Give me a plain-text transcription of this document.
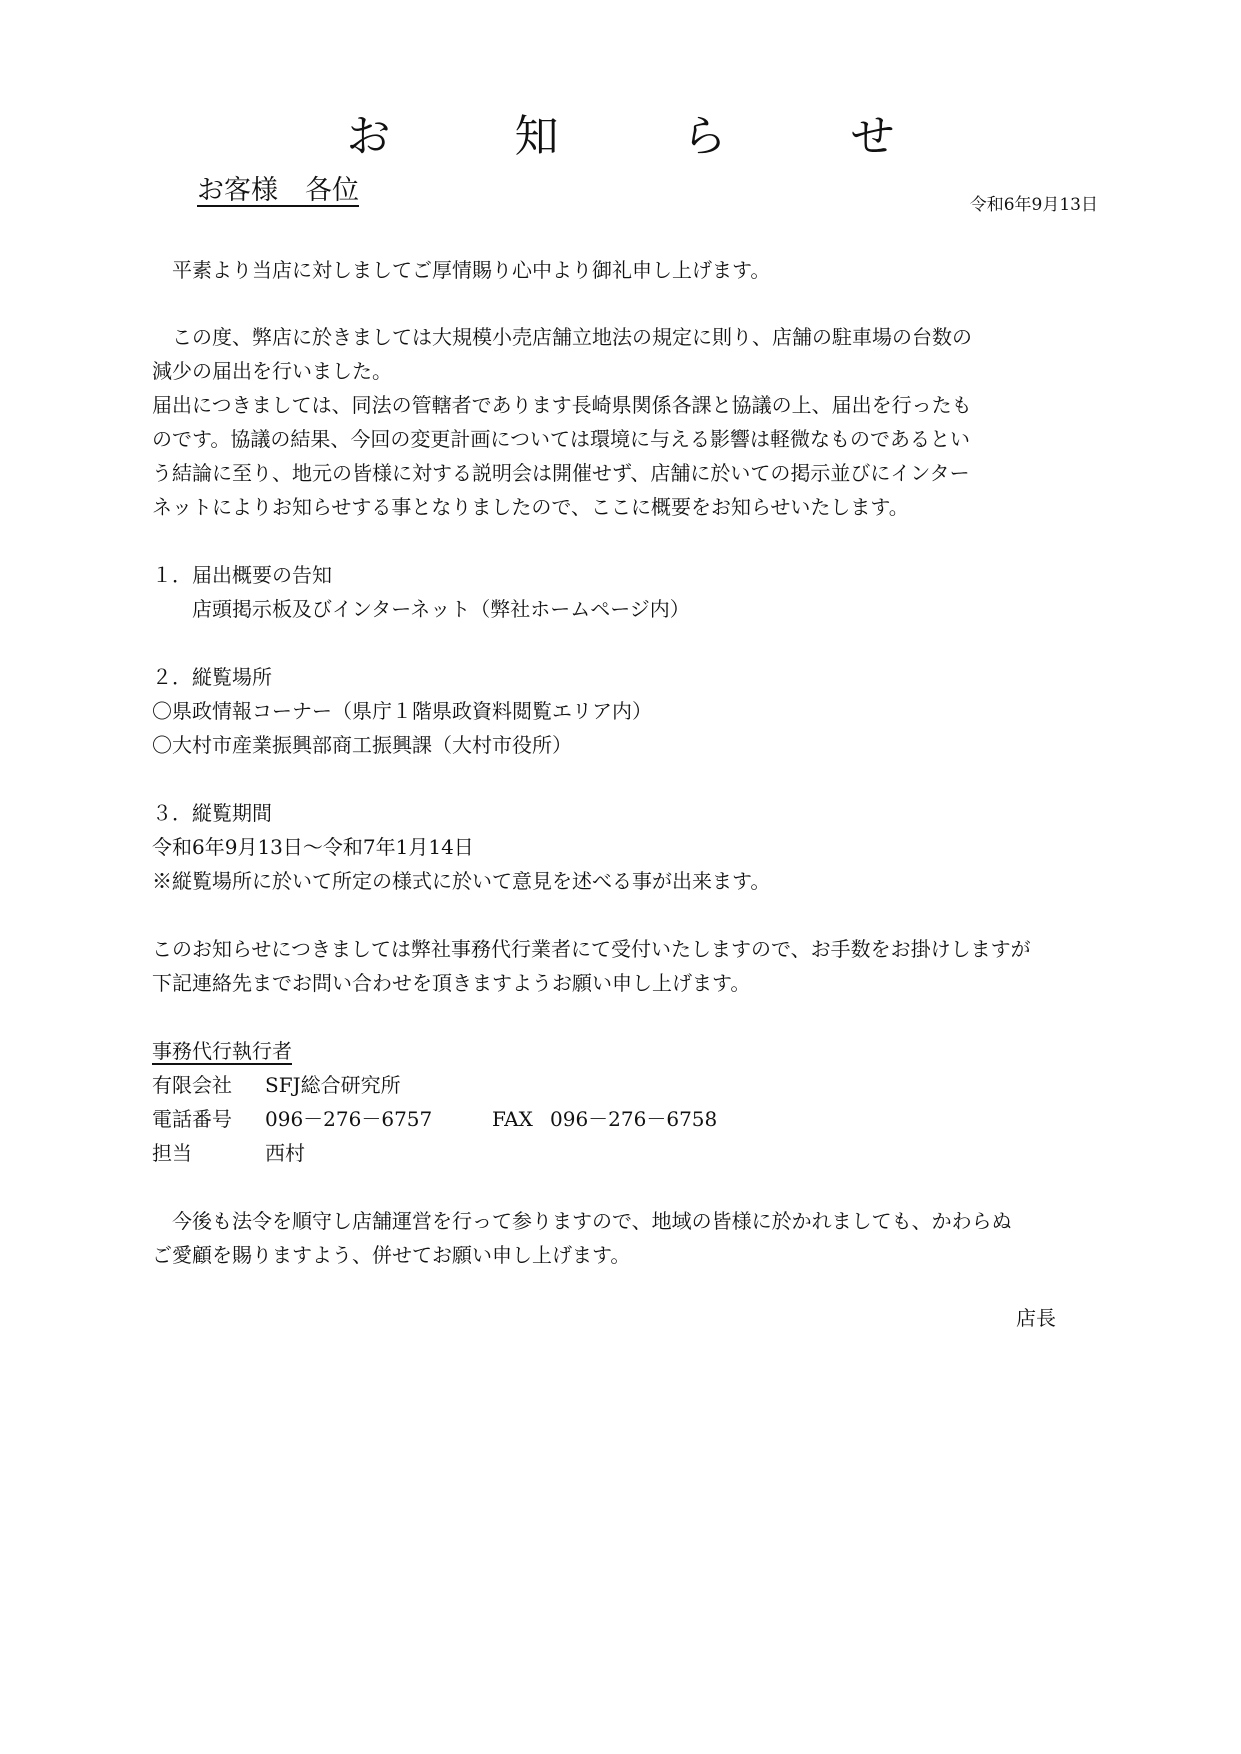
お　知　ら　せ
お客様　各位	令和6年9月13日
　平素より当店に対しましてご厚情賜り心中より御礼申し上げます。
　この度、弊店に於きましては大規模小売店舗立地法の規定に則り、店舗の駐車場の台数の
減少の届出を行いました。
届出につきましては、同法の管轄者であります長崎県関係各課と協議の上、届出を行ったも
のです。協議の結果、今回の変更計画については環境に与える影響は軽微なものであるとい
う結論に至り、地元の皆様に対する説明会は開催せず、店舗に於いての掲示並びにインター
ネットによりお知らせする事となりましたので、ここに概要をお知らせいたします。
１．届出概要の告知
　　店頭掲示板及びインターネット（弊社ホームページ内）
２．縦覧場所
〇県政情報コーナー（県庁１階県政資料閲覧エリア内）
〇大村市産業振興部商工振興課（大村市役所）
３．縦覧期間
令和6年9月13日～令和7年1月14日
※縦覧場所に於いて所定の様式に於いて意見を述べる事が出来ます。
このお知らせにつきましては弊社事務代行業者にて受付いたしますので、お手数をお掛けしますが
下記連絡先までお問い合わせを頂きますようお願い申し上げます。
事務代行執行者
有限会社 SFJ総合研究所
電話番号 096－276－6757	FAX 096－276－6758
担当	西村
　今後も法令を順守し店舗運営を行って参りますので、地域の皆様に於かれましても、かわらぬ
ご愛顧を賜りますよう、併せてお願い申し上げます。
店長
